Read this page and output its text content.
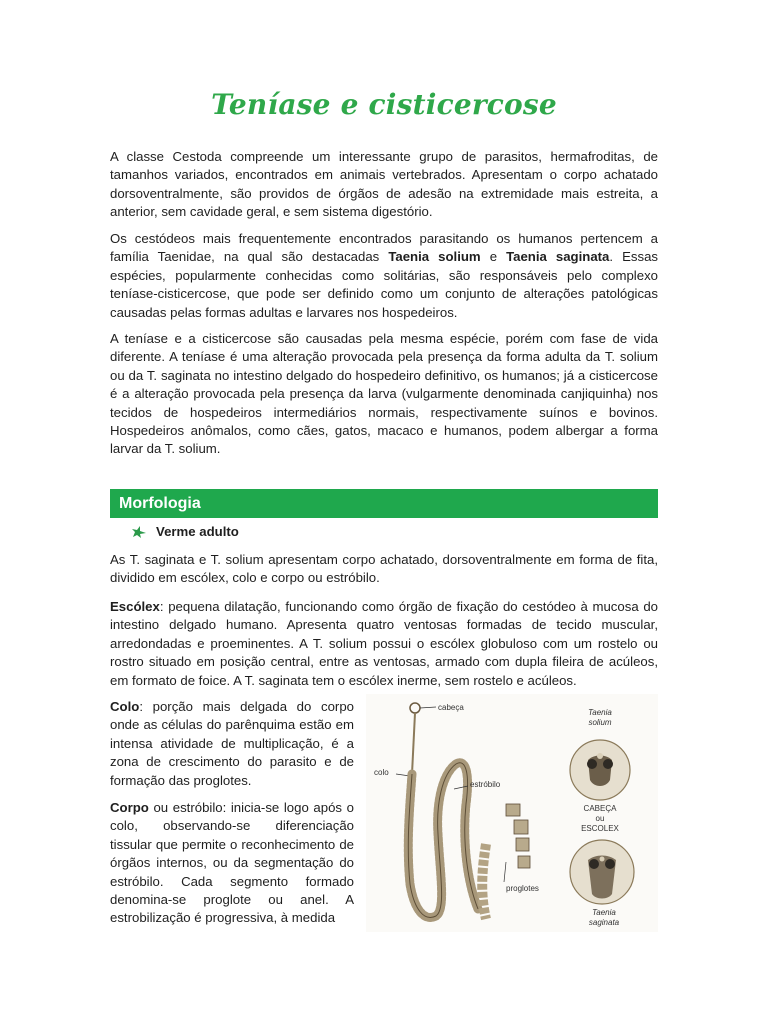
Teníase e cisticercose

A classe Cestoda compreende um interessante grupo de parasitos, hermafroditas, de tamanhos variados, encontrados em animais vertebrados. Apresentam o corpo achatado dorsoventralmente, são providos de órgãos de adesão na extremidade mais estreita, a anterior, sem cavidade geral, e sem sistema digestório.

Os cestódeos mais frequentemente encontrados parasitando os humanos pertencem a família Taenidae, na qual são destacadas Taenia solium e Taenia saginata. Essas espécies, popularmente conhecidas como solitárias, são responsáveis pelo complexo teníase-cisticercose, que pode ser definido como um conjunto de alterações patológicas causadas pelas formas adultas e larvares nos hospedeiros.

A teníase e a cisticercose são causadas pela mesma espécie, porém com fase de vida diferente. A teníase é uma alteração provocada pela presença da forma adulta da T. solium ou da T. saginata no intestino delgado do hospedeiro definitivo, os humanos; já a cisticercose é a alteração provocada pela presença da larva (vulgarmente denominada canjiquinha) nos tecidos de hospedeiros intermediários normais, respectivamente suínos e bovinos. Hospedeiros anômalos, como cães, gatos, macaco e humanos, podem albergar a forma larvar da T. solium.

Morfologia
Verme adulto

As T. saginata e T. solium apresentam corpo achatado, dorsoventralmente em forma de fita, dividido em escólex, colo e corpo ou estróbilo.

Escólex: pequena dilatação, funcionando como órgão de fixação do cestódeo à mucosa do intestino delgado humano. Apresenta quatro ventosas formadas de tecido muscular, arredondadas e proeminentes. A T. solium possui o escólex globuloso com um rostelo ou rostro situado em posição central, entre as ventosas, armado com dupla fileira de acúleos, em formato de foice. A T. saginata tem o escólex inerme, sem rostelo e acúleos.

Colo: porção mais delgada do corpo onde as células do parênquima estão em intensa atividade de multiplicação, é a zona de crescimento do parasito e de formação das proglotes.

Corpo ou estróbilo: inicia-se logo após o colo, observando-se diferenciação tissular que permite o reconhecimento de órgãos internos, ou da segmentação do estróbilo. Cada segmento formado denomina-se proglote ou anel. A estrobilização é progressiva, à medida

cabeça
colo
estróbilo
proglotes
Taenia
solium
CABEÇA
ou
ESCOLEX
Taenia
saginata
